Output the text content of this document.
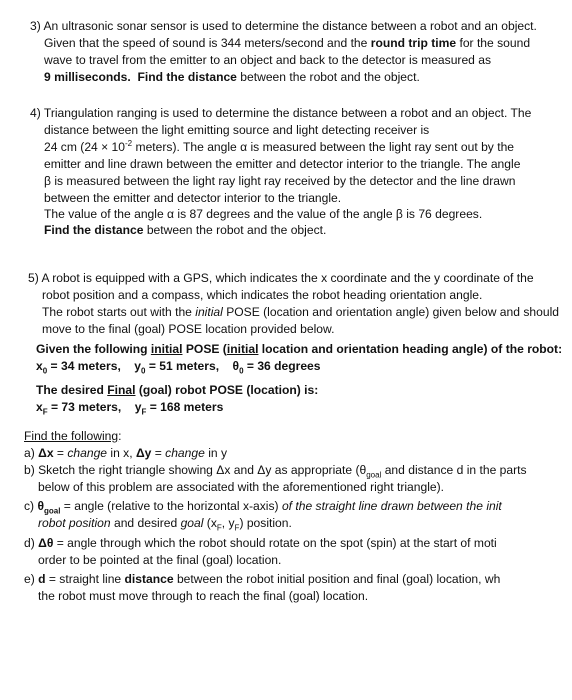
3) An ultrasonic sonar sensor is used to determine the distance between a robot and an object.
Given that the speed of sound is 344 meters/second and the round trip time for the sound
wave to travel from the emitter to an object and back to the detector is measured as
9 milliseconds. Find the distance between the robot and the object.
4) Triangulation ranging is used to determine the distance between a robot and an object. The
distance between the light emitting source and light detecting receiver is
24 cm ($24 \times 10^{-2}$ meters). The angle α is measured between the light ray sent out by the
emitter and line drawn between the emitter and detector interior to the triangle. The angle
β is measured between the light ray light ray received by the detector and the line drawn
between the emitter and detector interior to the triangle.
The value of the angle α is 87 degrees and the value of the angle β is 76 degrees.
Find the distance between the robot and the object.
5) A robot is equipped with a GPS, which indicates the x coordinate and the y coordinate of the
robot position and a compass, which indicates the robot heading orientation angle.
The robot starts out with the initial POSE (location and orientation angle) given below and should
move to the final (goal) POSE location provided below.
Given the following initial POSE (initial location and orientation heading angle) of the robot:
$x_0 = 34$ meters, $y_0 = 51$ meters, $\theta_0 = 36$ degrees
The desired Final (goal) robot POSE (location) is:
$x_F = 73$ meters, $y_F = 168$ meters
Find the following:
a) Δx = change in x, Δy = change in y
b) Sketch the right triangle showing Δx and Δy as appropriate ($\theta_{goal}$ and distance d in the parts
below of this problem are associated with the aforementioned right triangle).
c) $\theta_{goal}$ = angle (relative to the horizontal x-axis) of the straight line drawn between the init
robot position and desired goal ($x_F$, $y_F$) position.
d) Δθ = angle through which the robot should rotate on the spot (spin) at the start of moti
order to be pointed at the final (goal) location.
e) d = straight line distance between the robot initial position and final (goal) location, wh
the robot must move through to reach the final (goal) location.
